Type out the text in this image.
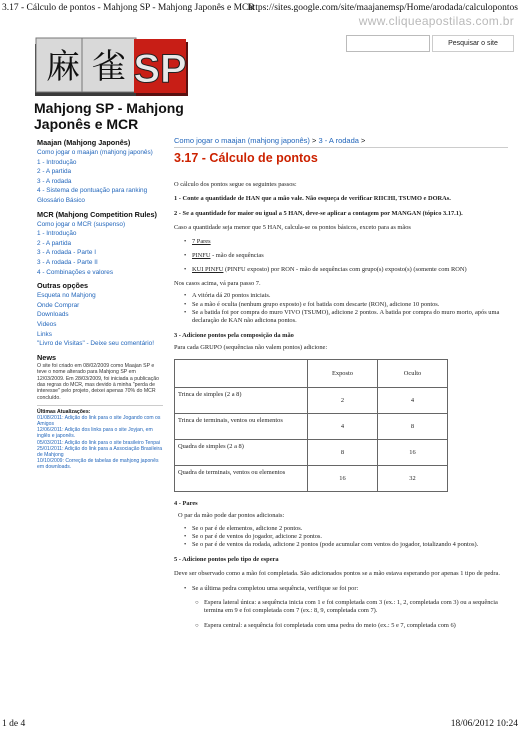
3.17 - Cálculo de pontos - Mahjong SP - Mahjong Japonês e MCR
https://sites.google.com/site/maajanemsp/Home/arodada/calculopontos
www.cliqueapostilas.com.br
麻 雀 SP
Pesquisar o site
Mahjong SP - Mahjong Japonês e MCR
Maajan (Mahjong Japonês)
Como jogar o maajan (mahjong japonês)
1 - Introdução
2 - A partida
3 - A rodada
4 - Sistema de pontuação para ranking
Glossário Básico
MCR (Mahjong Competition Rules)
Como jogar o MCR (suspenso)
1 - Introdução
2 - A partida
3 - A rodada - Parte I
3 - A rodada - Parte II
4 - Combinações e valores
Outras opções
Esqueta no Mahjong
Onde Comprar
Downloads
Videos
Links
"Livro de Visitas" - Deixe seu comentário!
News
O site foi criado em 08/02/2009 como Maajan SP e teve o nome alterado para Mahjong SP em 12/03/2009. Em 28/03/2009, foi iniciada a publicação das regras do MCR, mas devido à minha "perda de interesse" pelo projeto, deixei apenas 70% do MCR concluído.
Últimas Atualizações:
01/08/2011: Adição do link para o site Jogando com os Amigos
12/06/2011: Adição dos links para o site Joyjan, em inglês e japonês.
05/03/2011: Adição do link para o site brasileiro Tenpai
25/01/2011: Adição do link para a Associação Brasileira de Mahjong
10/10/2009: Correção de tabelas de mahjong japonês em downloads.
Como jogar o maajan (mahjong japonês) > 3 - A rodada >
3.17 - Cálculo de pontos
O cálculo dos pontos segue os seguintes passos:
1 - Conte a quantidade de HAN que a mão vale. Não esqueça de verificar RIICHI, TSUMO e DORAs.
2 - Se a quantidade for maior ou igual a 5 HAN, deve-se aplicar a contagem por MANGAN (tópico 3.17.1).
Caso a quantidade seja menor que 5 HAN, calcula-se os pontos básicos, exceto para as mãos
• 7 Pares
• PINFU - mão de sequências
• KUI PINFU (PINFU exposto) por RON - mão de sequências com grupo(s) exposto(s) (somente com RON)
Nos casos acima, vá para passo 7.
• A vitória dá 20 pontos iniciais.
• Se a mão é oculta (nenhum grupo exposto) e foi batida com descarte (RON), adicione 10 pontos.
• Se a batida foi por compra do muro VIVO (TSUMO), adicione 2 pontos. A batida por compra do muro morto, após uma declaração de KAN não adiciona pontos.
3 - Adicione pontos pela composição da mão
Para cada GRUPO (sequências não valem pontos) adicione:
	Exposto	Oculto
Trinca de simples (2 a 8)	2	4
Trinca de terminais, ventos ou elementos	4	8
Quadra de simples (2 a 8)	8	16
Quadra de terminais, ventos ou elementos	16	32
4 - Pares
O par da mão pode dar pontos adicionais:
• Se o par é de elementos, adicione 2 pontos.
• Se o par é de ventos do jogador, adicione 2 pontos.
• Se o par é de ventos da rodada, adicione 2 pontos (pode acumular com ventos do jogador, totalizando 4 pontos).
5 - Adicione pontos pelo tipo de espera
Deve ser observado como a mão foi completada. São adicionados pontos se a mão estava esperando por apenas 1 tipo de pedra.
• Se a última pedra completou uma sequência, verifique se foi por:
○ Espera lateral única: a sequência inicia com 1 e foi completada com 3 (ex.: 1, 2, completada com 3) ou a sequência termina em 9 e foi completada com 7 (ex.: 8, 9, completada com 7).
○ Espera central: a sequência foi completada com uma pedra do meio (ex.: 5 e 7, completada com 6)
1 de 4	18/06/2012 10:24
